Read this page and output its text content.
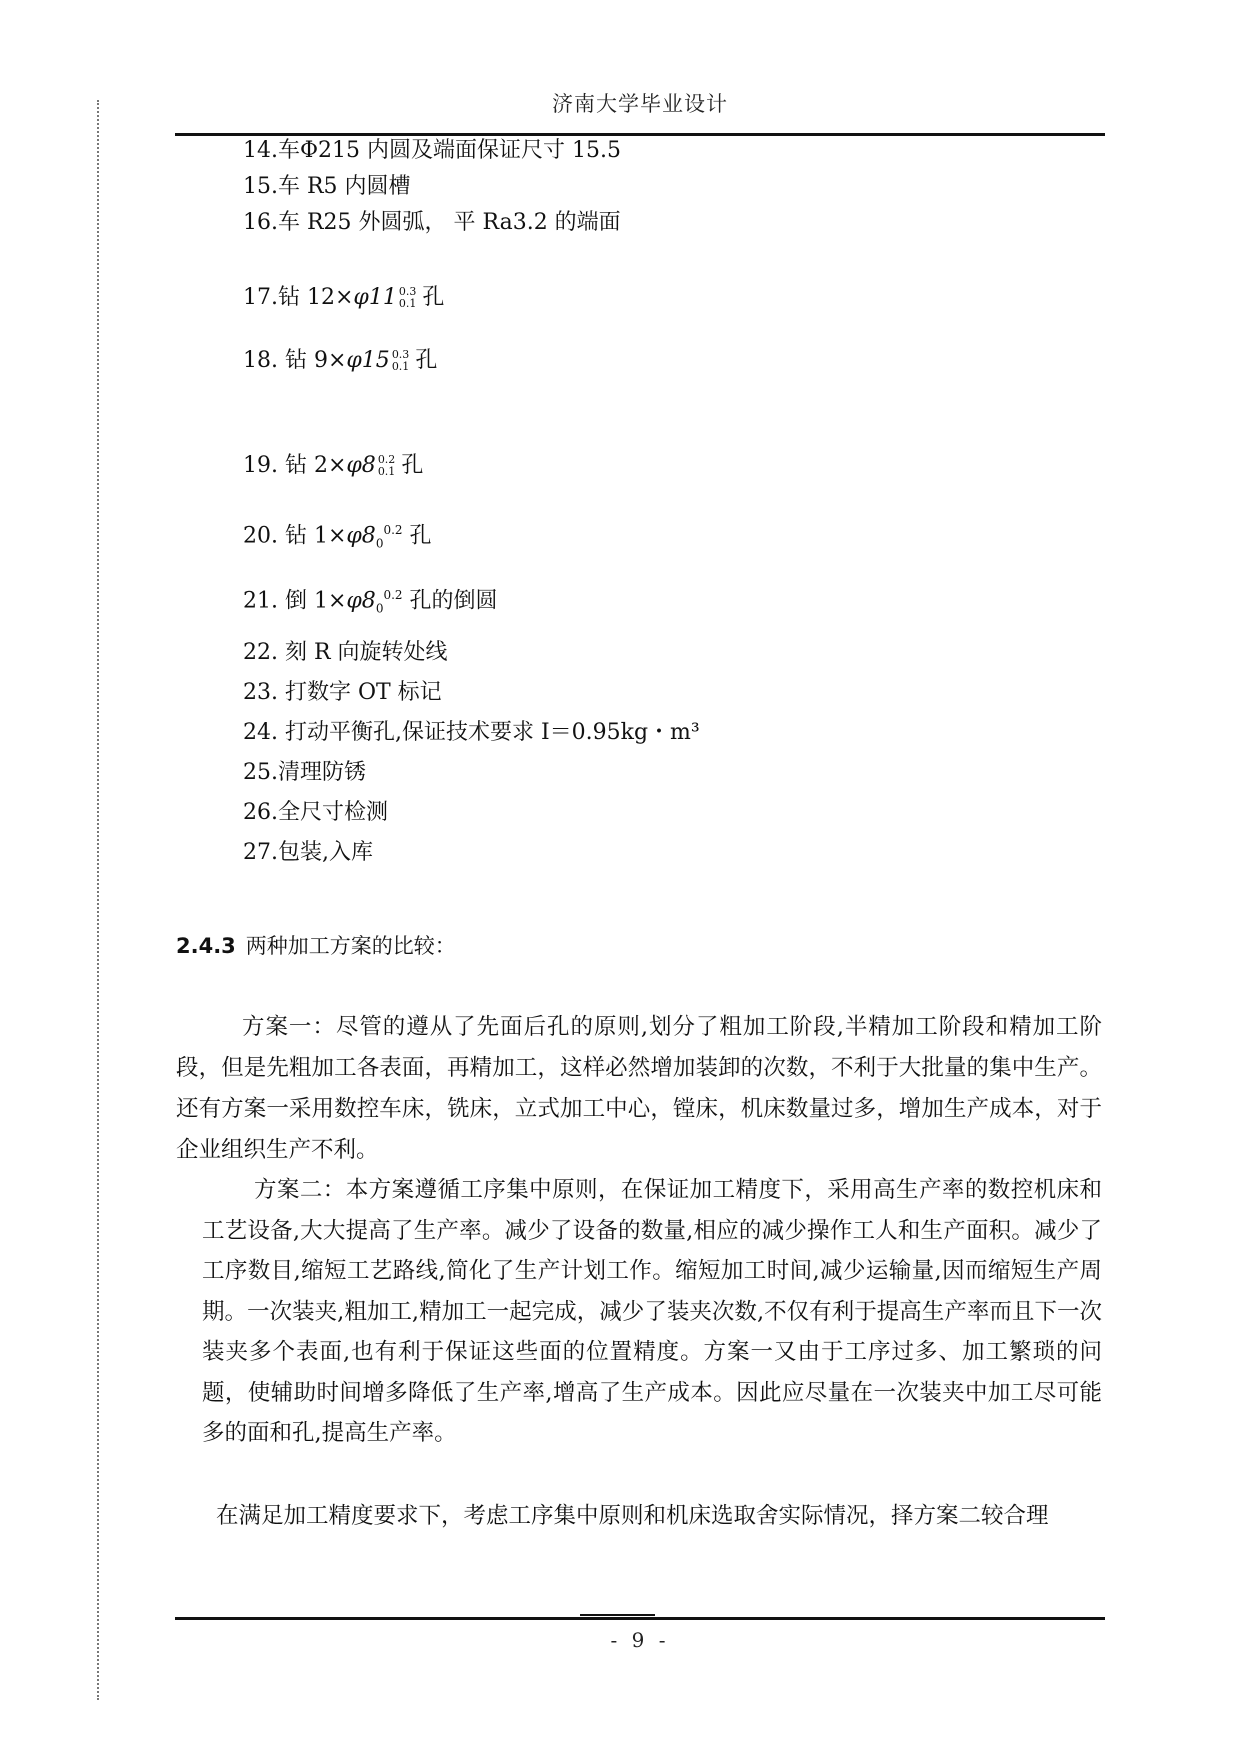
济南大学毕业设计
14.车Φ215 内圆及端面保证尺寸 15.5
15.车 R5 内圆槽
16.车 R25 外圆弧， 平 Ra3.2 的端面
17.钻 12×φ11 0.3
0.1 孔
18. 钻 9×φ15 0.3
0.1 孔
19. 钻 2×φ8 0.2
0.1 孔
20. 钻 $1\times\varphi 8_0^{0.2}$ 孔
21. 倒 $1\times\varphi 8_0^{0.2}$ 孔的倒圆
22. 刻 R 向旋转处线
23. 打数字 OT 标记
24. 打动平衡孔,保证技术要求 I＝0.95kg・m³
25.清理防锈
26.全尺寸检测
27.包装,入库
2.4.3 两种加工方案的比较：

方案一：尽管的遵从了先面后孔的原则,划分了粗加工阶段,半精加工阶段和精加工阶段，但是先粗加工各表面，再精加工，这样必然增加装卸的次数，不利于大批量的集中生产。还有方案一采用数控车床，铣床，立式加工中心，镗床，机床数量过多，增加生产成本，对于企业组织生产不利。

方案二：本方案遵循工序集中原则，在保证加工精度下，采用高生产率的数控机床和工艺设备,大大提高了生产率。减少了设备的数量,相应的减少操作工人和生产面积。减少了工序数目,缩短工艺路线,简化了生产计划工作。缩短加工时间,减少运输量,因而缩短生产周期。一次装夹,粗加工,精加工一起完成，减少了装夹次数,不仅有利于提高生产率而且下一次装夹多个表面,也有利于保证这些面的位置精度。方案一又由于工序过多、加工繁琐的问题，使辅助时间增多降低了生产率,增高了生产成本。因此应尽量在一次装夹中加工尽可能多的面和孔,提高生产率。

在满足加工精度要求下，考虑工序集中原则和机床选取舍实际情况，择方案二较合理

- 9 -
